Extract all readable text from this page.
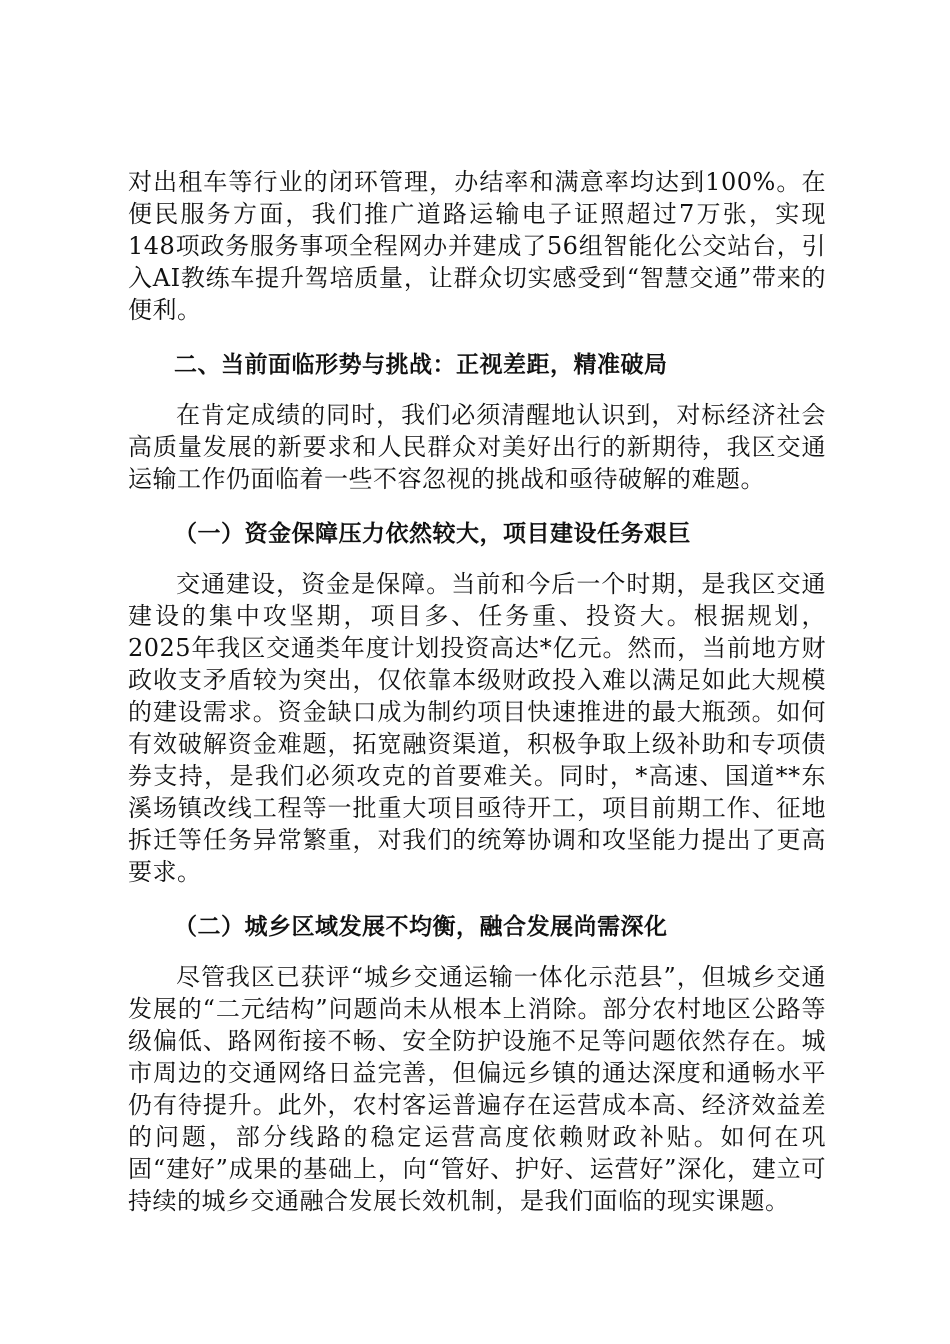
对出租车等行业的闭环管理，办结率和满意率均达到100%。在便民服务方面，我们推广道路运输电子证照超过7万张，实现148项政务服务事项全程网办并建成了56组智能化公交站台，引入AI教练车提升驾培质量，让群众切实感受到“智慧交通”带来的便利。

二、当前面临形势与挑战：正视差距，精准破局

在肯定成绩的同时，我们必须清醒地认识到，对标经济社会高质量发展的新要求和人民群众对美好出行的新期待，我区交通运输工作仍面临着一些不容忽视的挑战和亟待破解的难题。

（一）资金保障压力依然较大，项目建设任务艰巨

交通建设，资金是保障。当前和今后一个时期，是我区交通建设的集中攻坚期，项目多、任务重、投资大。根据规划，2025年我区交通类年度计划投资高达*亿元。然而，当前地方财政收支矛盾较为突出，仅依靠本级财政投入难以满足如此大规模的建设需求。资金缺口成为制约项目快速推进的最大瓶颈。如何有效破解资金难题，拓宽融资渠道，积极争取上级补助和专项债券支持，是我们必须攻克的首要难关。同时，*高速、国道**东溪场镇改线工程等一批重大项目亟待开工，项目前期工作、征地拆迁等任务异常繁重，对我们的统筹协调和攻坚能力提出了更高要求。

（二）城乡区域发展不均衡，融合发展尚需深化

尽管我区已获评“城乡交通运输一体化示范县”，但城乡交通发展的“二元结构”问题尚未从根本上消除。部分农村地区公路等级偏低、路网衔接不畅、安全防护设施不足等问题依然存在。城市周边的交通网络日益完善，但偏远乡镇的通达深度和通畅水平仍有待提升。此外，农村客运普遍存在运营成本高、经济效益差的问题，部分线路的稳定运营高度依赖财政补贴。如何在巩固“建好”成果的基础上，向“管好、护好、运营好”深化，建立可持续的城乡交通融合发展长效机制，是我们面临的现实课题。
